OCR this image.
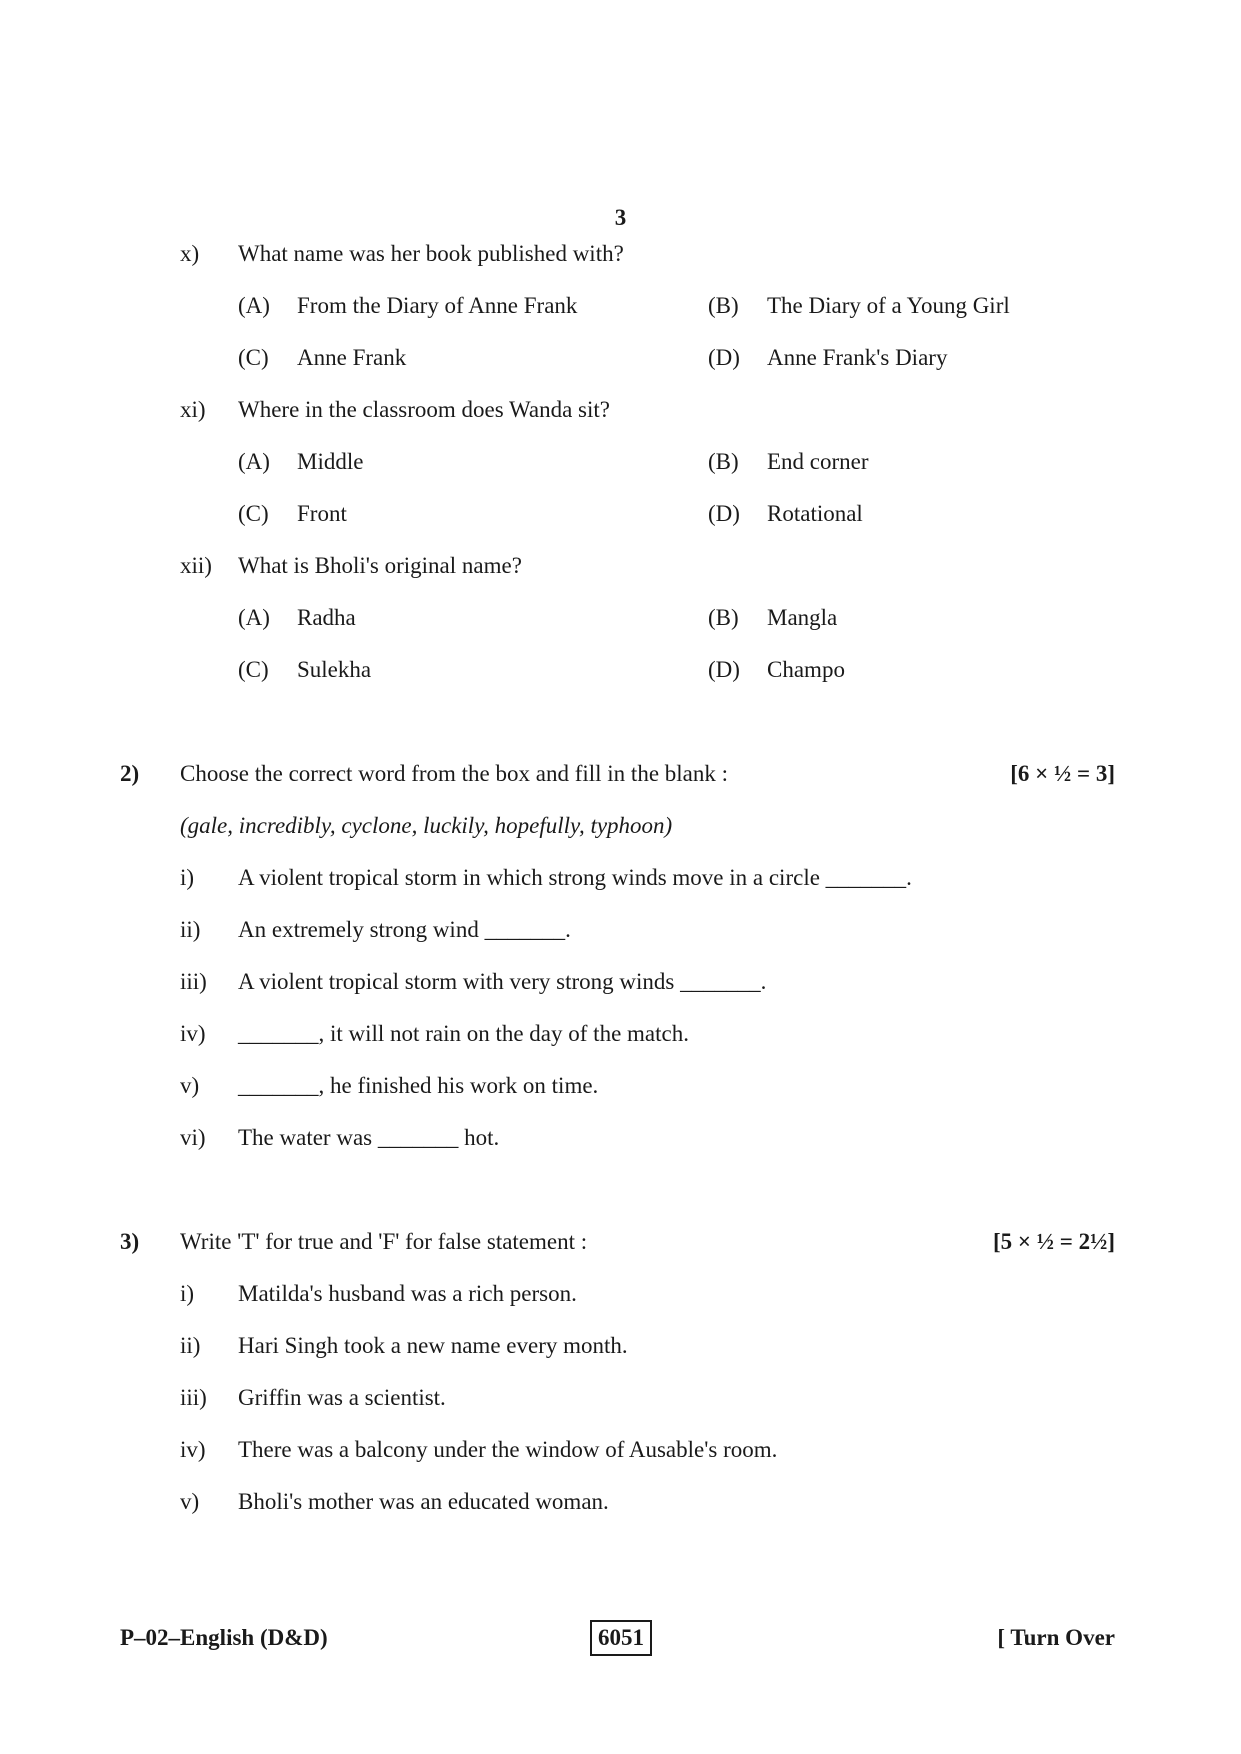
3
x) What name was her book published with?
(A) From the Diary of Anne Frank	(B) The Diary of a Young Girl
(C) Anne Frank	(D) Anne Frank's Diary
xi) Where in the classroom does Wanda sit?
(A) Middle	(B) End corner
(C) Front	(D) Rotational
xii) What is Bholi's original name?
(A) Radha	(B) Mangla
(C) Sulekha	(D) Champo
2) Choose the correct word from the box and fill in the blank :	[6 × ½ = 3]
(gale, incredibly, cyclone, luckily, hopefully, typhoon)
i) A violent tropical storm in which strong winds move in a circle _______.
ii) An extremely strong wind _______.
iii) A violent tropical storm with very strong winds _______.
iv) _______, it will not rain on the day of the match.
v) _______, he finished his work on time.
vi) The water was _______ hot.
3) Write 'T' for true and 'F' for false statement :	[5 × ½ = 2½]
i) Matilda's husband was a rich person.
ii) Hari Singh took a new name every month.
iii) Griffin was a scientist.
iv) There was a balcony under the window of Ausable's room.
v) Bholi's mother was an educated woman.
P–02–English (D&D)	6051	[ Turn Over
